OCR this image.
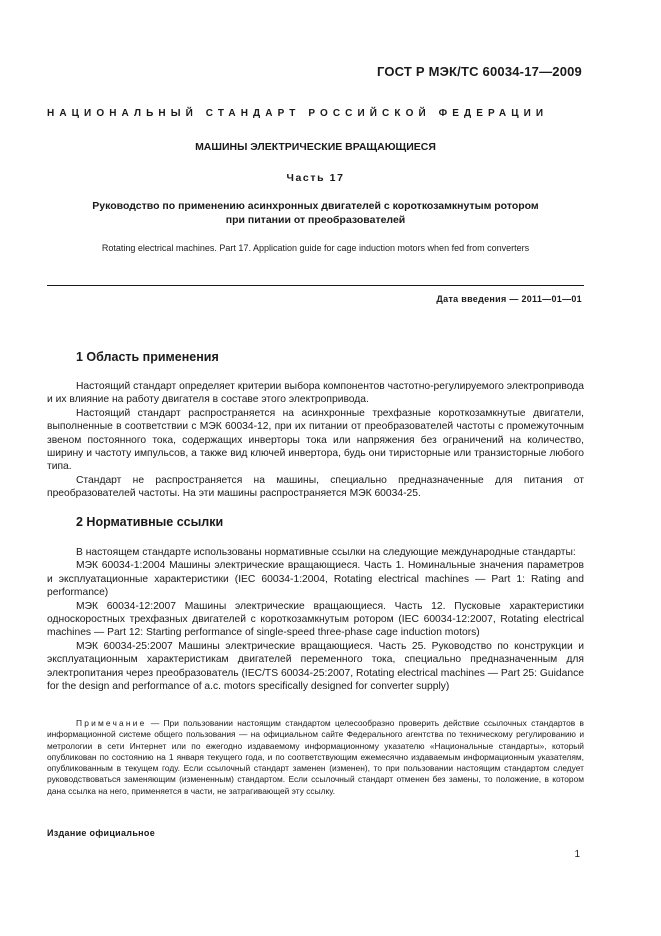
ГОСТ Р МЭК/ТС 60034-17—2009
НАЦИОНАЛЬНЫЙ СТАНДАРТ РОССИЙСКОЙ ФЕДЕРАЦИИ
МАШИНЫ ЭЛЕКТРИЧЕСКИЕ ВРАЩАЮЩИЕСЯ
Часть 17
Руководство по применению асинхронных двигателей с короткозамкнутым ротором
при питании от преобразователей
Rotating electrical machines. Part 17. Application guide for cage induction motors when fed from converters
Дата введения — 2011—01—01
1 Область применения

Настоящий стандарт определяет критерии выбора компонентов частотно-регулируемого электропривода и их влияние на работу двигателя в составе этого электропривода.

Настоящий стандарт распространяется на асинхронные трехфазные короткозамкнутые двигатели, выполненные в соответствии с МЭК 60034-12, при их питании от преобразователей частоты с промежуточным звеном постоянного тока, содержащих инверторы тока или напряжения без ограничений на количество, ширину и частоту импульсов, а также вид ключей инвертора, будь они тиристорные или транзисторные любого типа.

Стандарт не распространяется на машины, специально предназначенные для питания от преобразователей частоты. На эти машины распространяется МЭК 60034-25.

2 Нормативные ссылки

В настоящем стандарте использованы нормативные ссылки на следующие международные стандарты:

МЭК 60034-1:2004 Машины электрические вращающиеся. Часть 1. Номинальные значения параметров и эксплуатационные характеристики (IEC 60034-1:2004, Rotating electrical machines — Part 1: Rating and performance)

МЭК 60034-12:2007 Машины электрические вращающиеся. Часть 12. Пусковые характеристики односкоростных трехфазных двигателей с короткозамкнутым ротором (IEC 60034-12:2007, Rotating electrical machines — Part 12: Starting performance of single-speed three-phase cage induction motors)

МЭК 60034-25:2007 Машины электрические вращающиеся. Часть 25. Руководство по конструкции и эксплуатационным характеристикам двигателей переменного тока, специально предназначенным для электропитания через преобразователь (IEC/TS 60034-25:2007, Rotating electrical machines — Part 25: Guidance for the design and performance of a.c. motors specifically designed for converter supply)

Примечание — При пользовании настоящим стандартом целесообразно проверить действие ссылочных стандартов в информационной системе общего пользования — на официальном сайте Федерального агентства по техническому регулированию и метрологии в сети Интернет или по ежегодно издаваемому информационному указателю «Национальные стандарты», который опубликован по состоянию на 1 января текущего года, и по соответствующим ежемесячно издаваемым информационным указателям, опубликованным в текущем году. Если ссылочный стандарт заменен (изменен), то при пользовании настоящим стандартом следует руководствоваться заменяющим (измененным) стандартом. Если ссылочный стандарт отменен без замены, то положение, в котором дана ссылка на него, применяется в части, не затрагивающей эту ссылку.

Издание официальное
1
